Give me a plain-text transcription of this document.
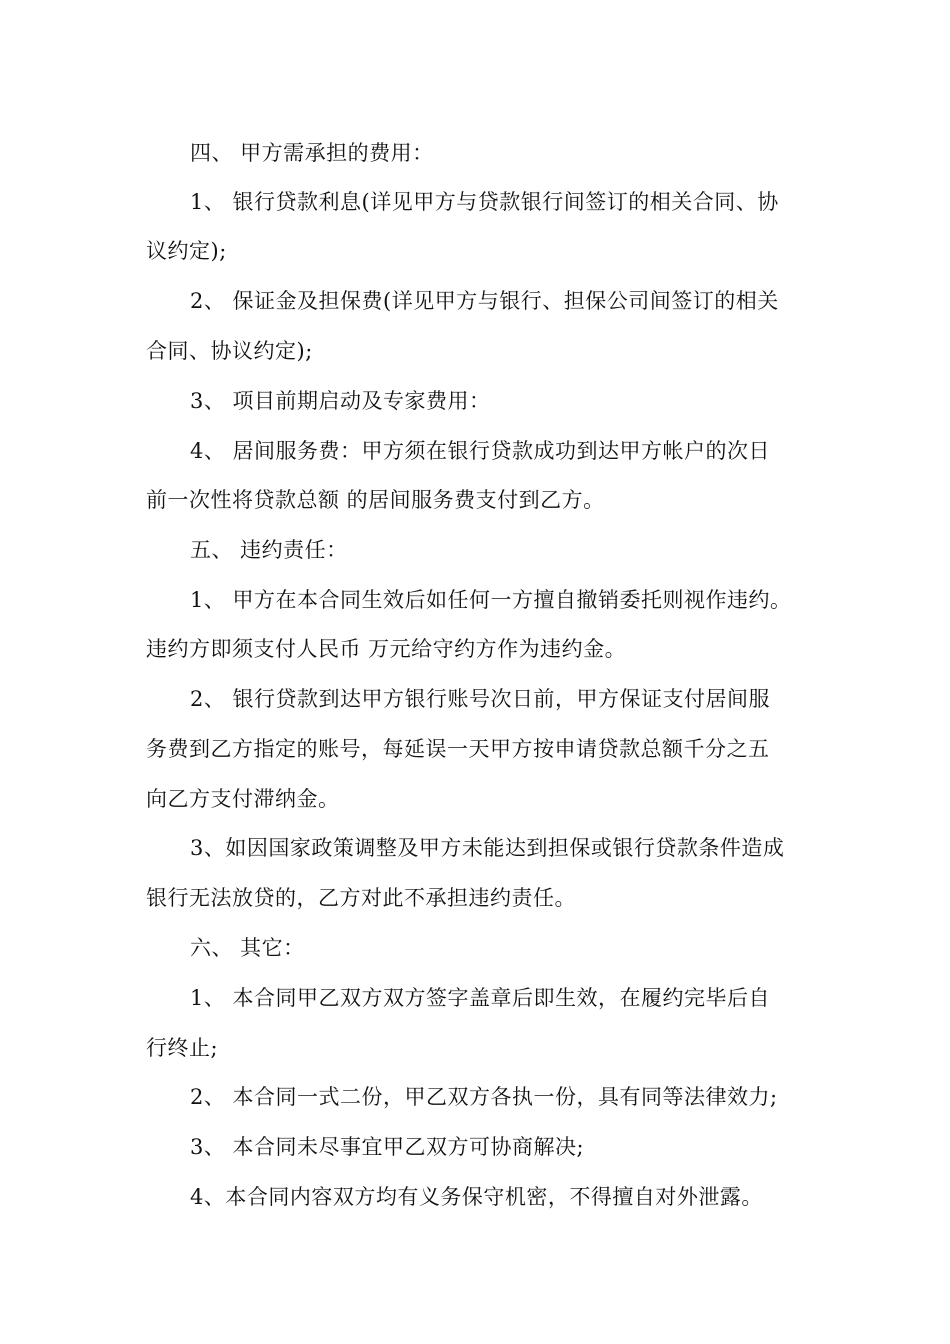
四、 甲方需承担的费用：
1、 银行贷款利息(详见甲方与贷款银行间签订的相关合同、协
议约定);
2、 保证金及担保费(详见甲方与银行、担保公司间签订的相关
合同、协议约定);
3、 项目前期启动及专家费用：
4、 居间服务费：甲方须在银行贷款成功到达甲方帐户的次日
前一次性将贷款总额 的居间服务费支付到乙方。
五、 违约责任：
1、 甲方在本合同生效后如任何一方擅自撤销委托则视作违约。
违约方即须支付人民币 万元给守约方作为违约金。
2、 银行贷款到达甲方银行账号次日前，甲方保证支付居间服
务费到乙方指定的账号，每延误一天甲方按申请贷款总额千分之五
向乙方支付滞纳金。
3、如因国家政策调整及甲方未能达到担保或银行贷款条件造成
银行无法放贷的，乙方对此不承担违约责任。
六、 其它：
1、 本合同甲乙双方双方签字盖章后即生效，在履约完毕后自
行终止;
2、 本合同一式二份，甲乙双方各执一份，具有同等法律效力;
3、 本合同未尽事宜甲乙双方可协商解决;
4、本合同内容双方均有义务保守机密，不得擅自对外泄露。
